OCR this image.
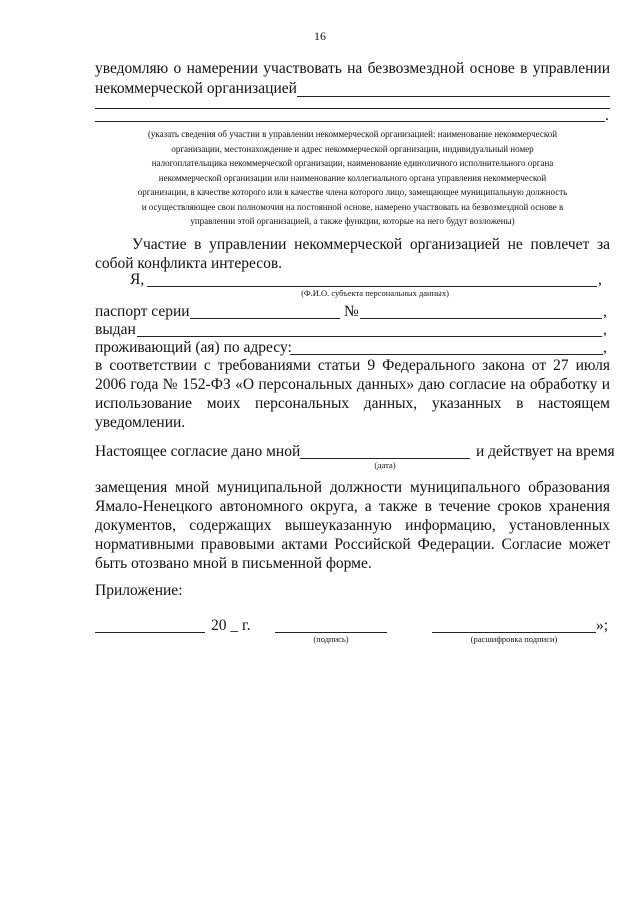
16
уведомляю о намерении участвовать на безвозмездной основе в управлении
некоммерческой организацией
.
(указать сведения об участии в управлении некоммерческой организацией: наименование некоммерческой
организации, местонахождение и адрес некоммерческой организации, индивидуальный номер
налогоплательщика некоммерческой организации, наименование единоличного исполнительного органа
некоммерческой организации или наименование коллегиального органа управления некоммерческой
организации, в качестве которого или в качестве члена которого лицо, замещающее муниципальную должность
и осуществляющее свои полномочия на постоянной основе, намерено участвовать на безвозмездной основе в
управлении этой организацией, а также функции, которые на него будут возложены)
Участие в управлении некоммерческой организацией не повлечет за
собой конфликта интересов.
Я,	,
(Ф.И.О. субъекта персональных данных)
паспорт серии	№	,
выдан	,
проживающий (ая) по адресу:	,
в соответствии с требованиями статьи 9 Федерального закона от 27 июля
2006 года № 152-ФЗ «О персональных данных» даю согласие на обработку и
использование моих персональных данных, указанных в настоящем
уведомлении.
Настоящее согласие дано мной	и действует на время
(дата)
замещения мной муниципальной должности муниципального образования
Ямало-Ненецкого автономного округа, а также в течение сроков хранения
документов, содержащих вышеуказанную информацию, установленных
нормативными правовыми актами Российской Федерации. Согласие может
быть отозвано мной в письменной форме.
Приложение:
20 _ г.
(подпись)
»;
(расшифровка подписи)
